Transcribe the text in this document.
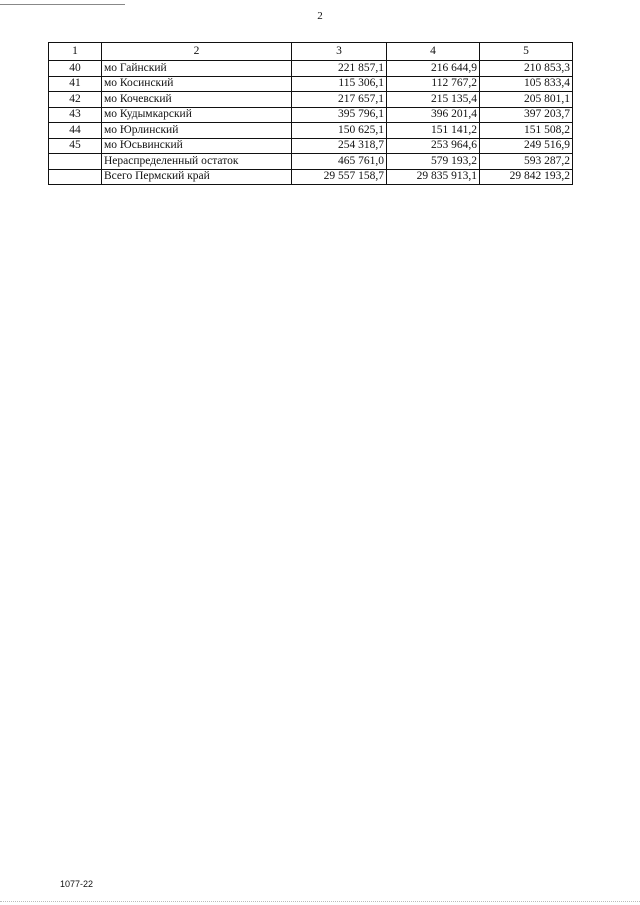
2
1	2	3	4	5
40	мо Гайнский	221 857,1	216 644,9	210 853,3
41	мо Косинский	115 306,1	112 767,2	105 833,4
42	мо Кочевский	217 657,1	215 135,4	205 801,1
43	мо Кудымкарский	395 796,1	396 201,4	397 203,7
44	мо Юрлинский	150 625,1	151 141,2	151 508,2
45	мо Юсьвинский	254 318,7	253 964,6	249 516,9
	Нераспределенный остаток	465 761,0	579 193,2	593 287,2
	Всего Пермский край	29 557 158,7	29 835 913,1	29 842 193,2
1077-22
